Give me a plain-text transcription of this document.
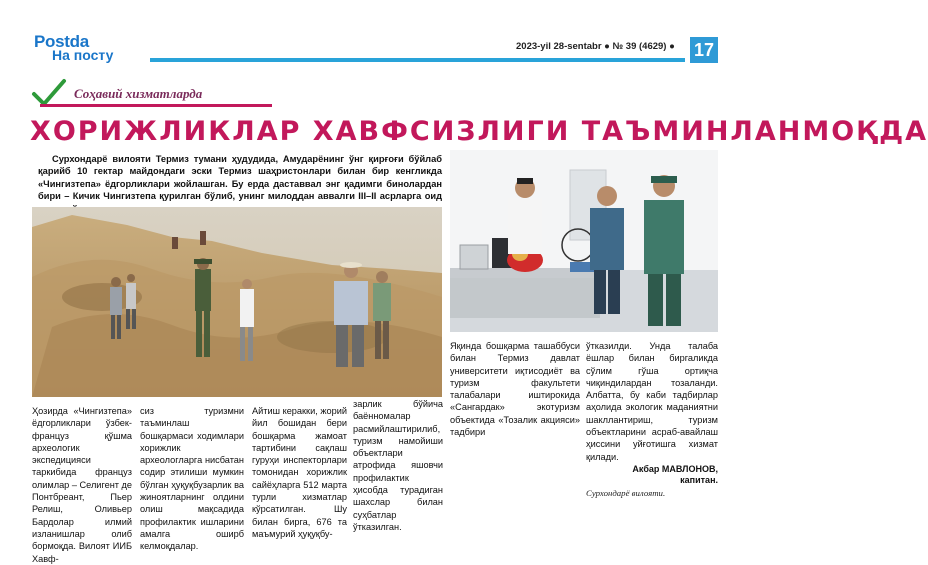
Postda
На посту
2023-yil 28-sentabr ● № 39 (4629) ●	17
Соҳавий хизматларда
ХОРИЖЛИКЛАР ХАВФСИЗЛИГИ ТАЪМИНЛАНМОҚДА
Сурхондарё вилояти Термиз тумани ҳудудида, Амударёнинг ўнг қирғоғи бўйлаб қарийб 10 гектар майдондаги эски Термиз шаҳристонлари билан бир кенгликда «Чингизтепа» ёдгорликлари жойлашган. Бу ерда даставвал энг қадимги бинолардан бири – Кичик Чингизтепа қурилган бўлиб, унинг милоддан аввалги III–II асрларга оид
Ҳозирда «Чингизтепа» ёдгорликлари ўзбек-француз қўшма археологик экспедицияси таркибида француз олимлар – Селигент де Понтбреант, Пьер Релиш, Оливьер Бардолар илмий изланишлар олиб бормоқда. Вилоят ИИБ Хавф-
сиз туризмни таъминлаш бошқармаси ходимлари хорижлик археологларга нисбатан содир этилиши мумкин бўлган ҳуқуқбузарлик ва жиноятларнинг олдини олиш мақсадида профилактик ишларини амалга оширб келмоқдалар.
Айтиш керакки, жорий йил бошидан бери бошқарма жамоат тартибини сақлаш гуруҳи инспекторлари томонидан хорижлик сайёҳларга 512 марта турли хизматлар кўрсатилган. Шу билан бирга, 676 та маъмурий ҳуқуқбу-
зарлик бўйича баённомалар расмийлаштирилиб, туризм намойиши объектлари атрофида яшовчи профилактик ҳисобда турадиган шахслар билан суҳбатлар ўтказилган.
Яқинда бошқарма ташаббуси билан Термиз давлат университети иқтисодиёт ва туризм факультети талабалари иштирокида «Сангардак» экотуризм объектида «Тозалик акцияси» тадбири
ўтказилди. Унда талаба ёшлар билан биргаликда сўлим гўша ортиқча чиқиндилардан тозаланди. Албатта, бу каби тадбирлар аҳолида экологик маданиятни шакллантириш, туризм объектларини асраб-авайлаш ҳиссини уйғотишга хизмат қилади.
Акбар МАВЛОНОВ,
капитан.
Сурхондарё вилояти.
